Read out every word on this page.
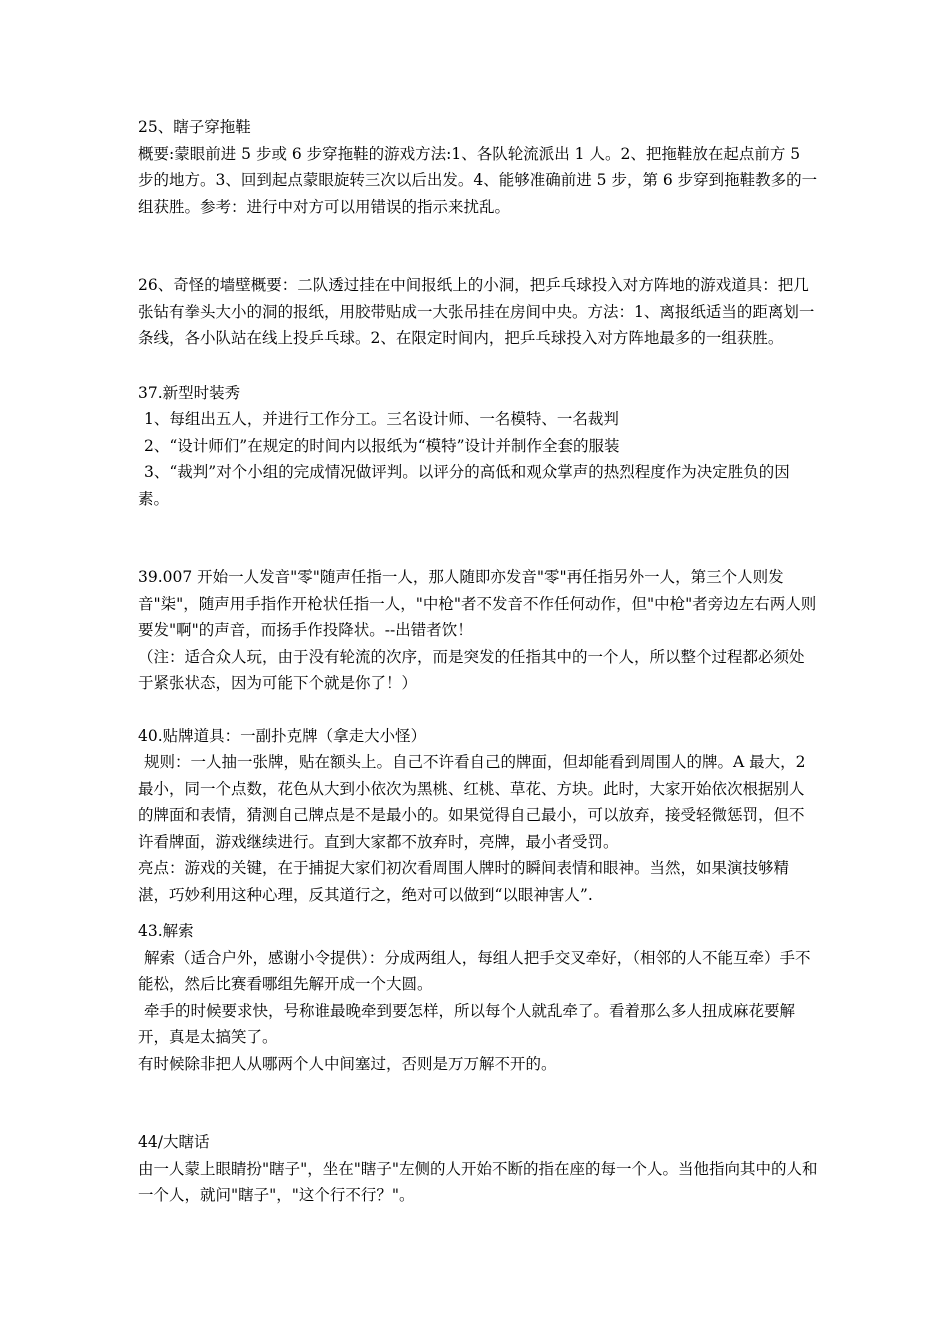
25、瞎子穿拖鞋

概要:蒙眼前进 5 步或 6 步穿拖鞋的游戏方法:1、各队轮流派出 1 人。2、把拖鞋放在起点前方 5 步的地方。3、回到起点蒙眼旋转三次以后出发。4、能够准确前进 5 步，第 6 步穿到拖鞋教多的一组获胜。参考：进行中对方可以用错误的指示来扰乱。

26、奇怪的墙壁概要：二队透过挂在中间报纸上的小洞，把乒乓球投入对方阵地的游戏道具：把几张钻有拳头大小的洞的报纸，用胶带贴成一大张吊挂在房间中央。方法：1、离报纸适当的距离划一条线，各小队站在线上投乒乓球。2、在限定时间内，把乒乓球投入对方阵地最多的一组获胜。

37.新型时装秀

1、每组出五人，并进行工作分工。三名设计师、一名模特、一名裁判

2、“设计师们”在规定的时间内以报纸为“模特”设计并制作全套的服装

3、“裁判”对个小组的完成情况做评判。以评分的高低和观众掌声的热烈程度作为决定胜负的因素。

39.007 开始一人发音"零"随声任指一人，那人随即亦发音"零"再任指另外一人，第三个人则发音"柒"，随声用手指作开枪状任指一人，"中枪"者不发音不作任何动作，但"中枪"者旁边左右两人则要发"啊"的声音，而扬手作投降状。--出错者饮！

（注：适合众人玩，由于没有轮流的次序，而是突发的任指其中的一个人，所以整个过程都必须处于紧张状态，因为可能下个就是你了！）

40.贴牌道具：一副扑克牌（拿走大小怪）

规则：一人抽一张牌，贴在额头上。自己不许看自己的牌面，但却能看到周围人的牌。A 最大，2 最小，同一个点数，花色从大到小依次为黑桃、红桃、草花、方块。此时，大家开始依次根据别人的牌面和表情，猜测自己牌点是不是最小的。如果觉得自己最小，可以放弃，接受轻微惩罚，但不许看牌面，游戏继续进行。直到大家都不放弃时，亮牌，最小者受罚。

亮点：游戏的关键，在于捕捉大家们初次看周围人牌时的瞬间表情和眼神。当然，如果演技够精湛，巧妙利用这种心理，反其道行之，绝对可以做到“以眼神害人”.

43.解索

解索（适合户外，感谢小令提供）：分成两组人，每组人把手交叉牵好，（相邻的人不能互牵）手不能松，然后比赛看哪组先解开成一个大圆。

牵手的时候要求快，号称谁最晚牵到要怎样，所以每个人就乱牵了。看着那么多人扭成麻花要解开，真是太搞笑了。

有时候除非把人从哪两个人中间塞过，否则是万万解不开的。

44/大瞎话

由一人蒙上眼睛扮"瞎子"，坐在"瞎子"左侧的人开始不断的指在座的每一个人。当他指向其中的人和一个人，就问"瞎子"，"这个行不行？"。
